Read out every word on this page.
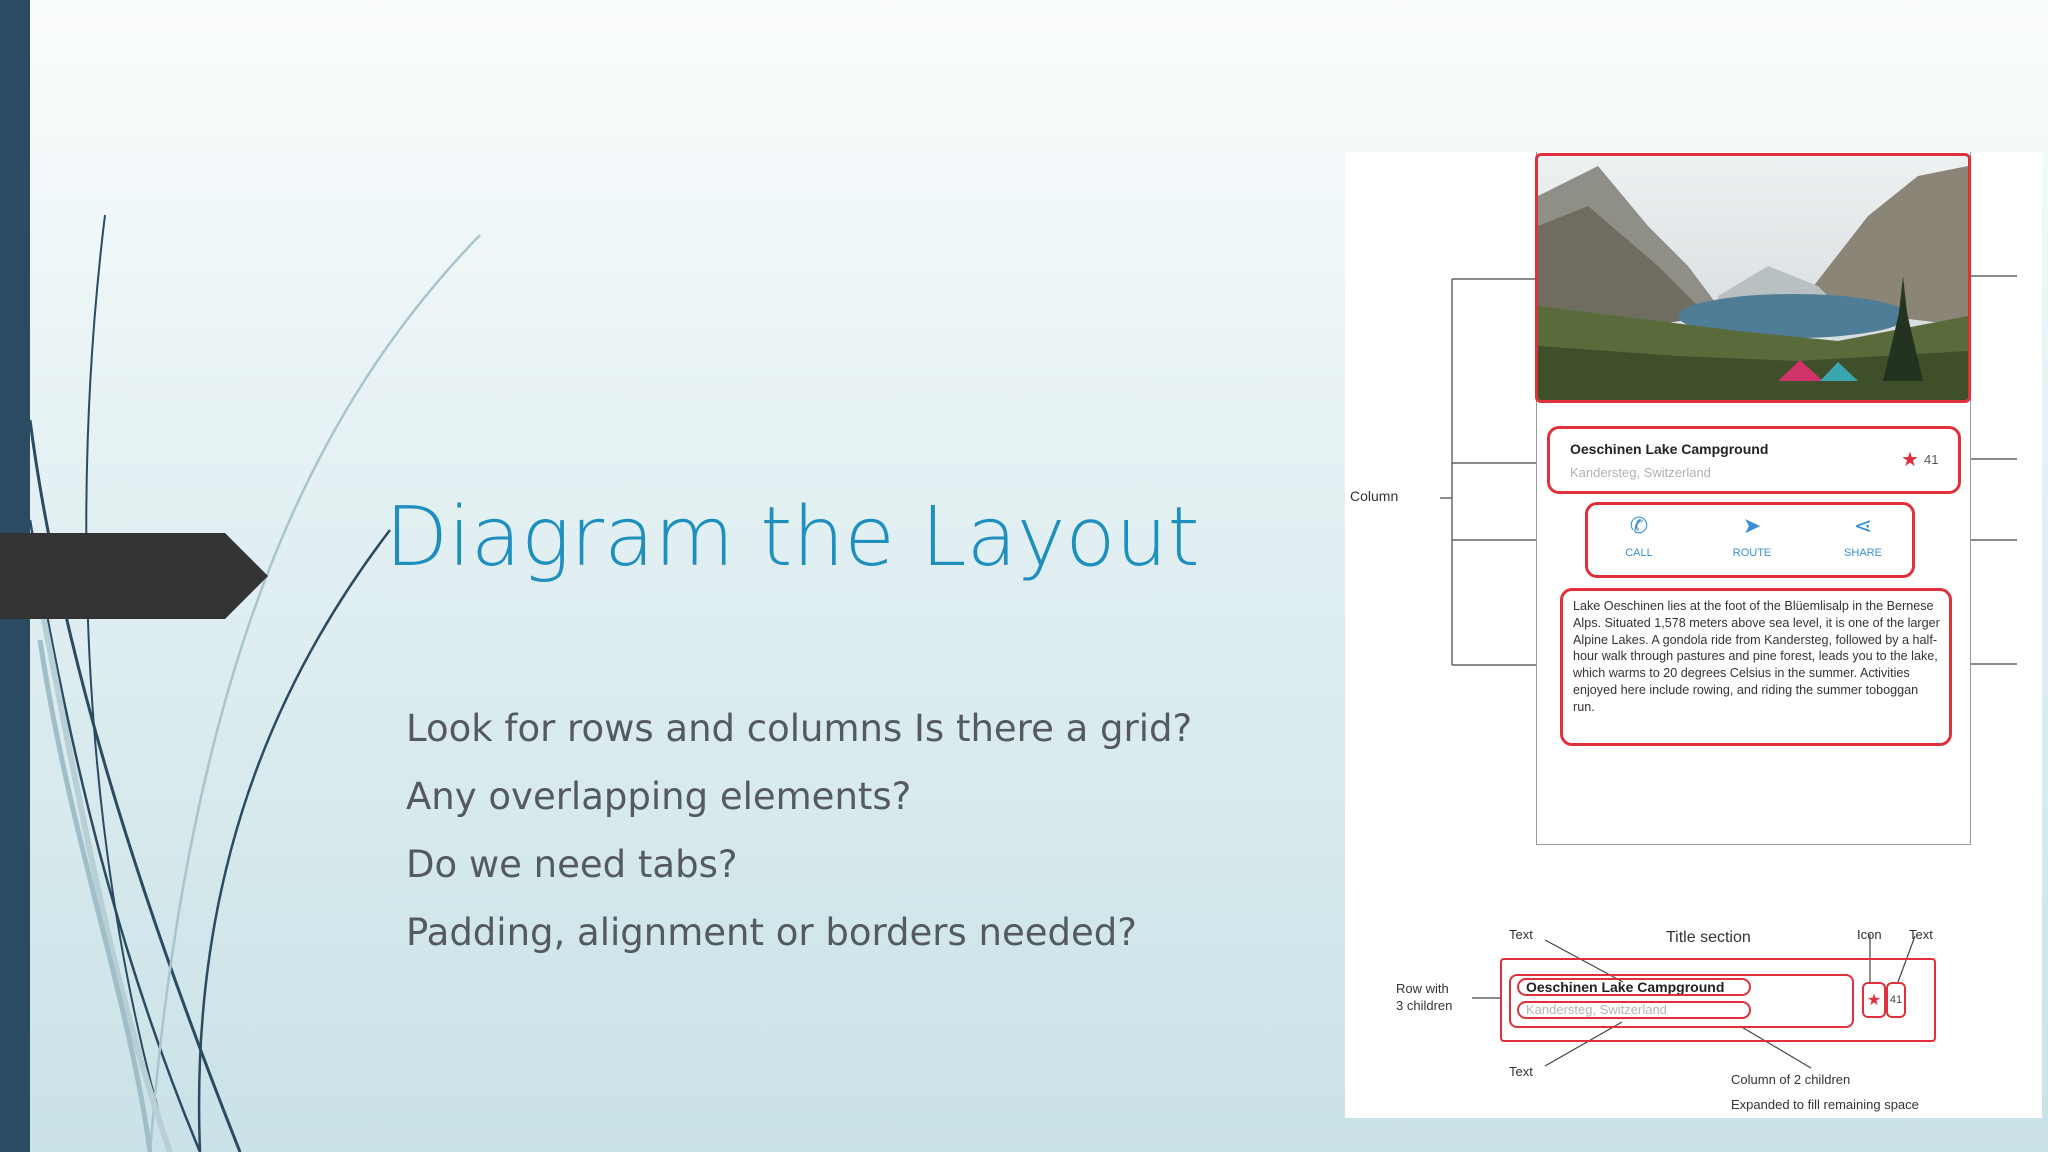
Diagram the Layout
Look for rows and columns Is there a grid?
Any overlapping elements?
Do we need tabs?
Padding, alignment or borders needed?
Column
Oeschinen Lake Campground
Kandersteg, Switzerland
★ 41
✆
CALL
➤
ROUTE
⋖
SHARE
Lake Oeschinen lies at the foot of the Blüemlisalp in the Bernese Alps. Situated 1,578 meters above sea level, it is one of the larger Alpine Lakes. A gondola ride from Kandersteg, followed by a half-hour walk through pastures and pine forest, leads you to the lake, which warms to 20 degrees Celsius in the summer. Activities enjoyed here include rowing, and riding the summer toboggan run.
Text	Title section	Icon Text
Row with
3 children
Oeschinen Lake Campground
Kandersteg, Switzerland
★ 41
Text
Column of 2 children
Expanded to fill remaining space
